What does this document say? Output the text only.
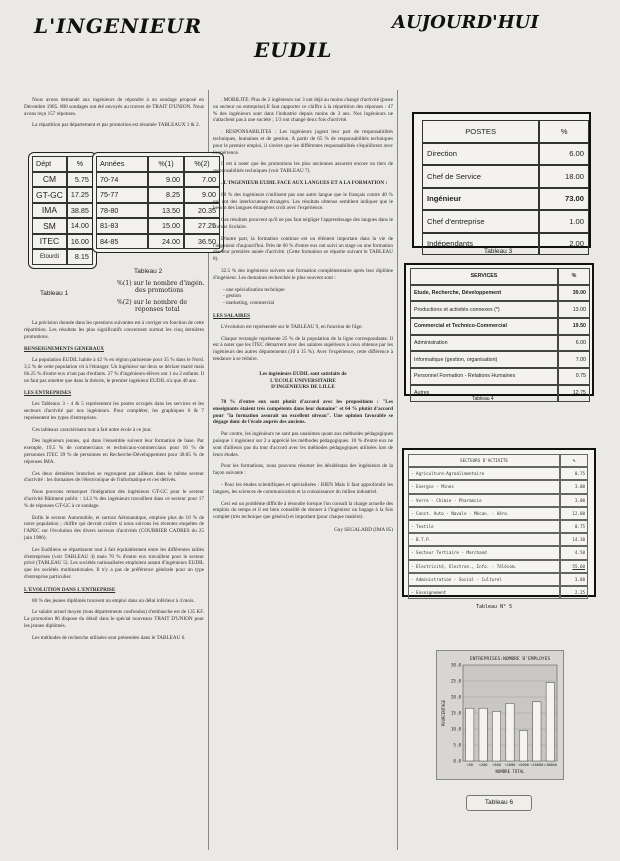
L'INGENIEUR
EUDIL
AUJOURD'HUI

Nous avons demandé aux ingénieurs de répondre à un sondage proposé en Décembre 1985. 800 sondages ont été envoyés au travers de TRAIT D'UNION. Nous avons reçu 157 réponses.

La répartition par département et par promotion est résumée TABLEAUX 1 & 2.

Dépt	%
CM	5.75
GT-GC	17.25
IMA	38.85
SM	14.00
ITEC	16.00
Etourdi	8.15
Tableau 1
Années	%(1)	%(2)
70-74	9.00	7.00
75-77	8.25	9.00
78-80	13.50	20.35
81-83	15.00	27.25
84-85	24.00	36.50
Tableau 2
%(1) sur le nombre d'ingén.
des promotions
%(2) sur le nombre de
réponses total

La précision donnée dans les questions suivantes est à corriger en fonction de cette répartition. Les résultats les plus significatifs concernent surtout les cinq dernières promotions.

RENSEIGNEMENTS GENERAUX

La population EUDIL habite à 42 % en région parisienne pour 35 % dans le Nord. 3,5 % de cette population vit à l'étranger. Un ingénieur sur deux se déclare marié mais 66.25 % d'entre eux n'ont pas d'enfants. 27 % d'ingénieurs-élèves ont 1 ou 2 enfants. Il ne faut pas omettre que dans la théorie, le premier ingénieur EUDIL n'a que 40 ans .

LES ENTREPRISES

Les Tableaux 3 - 4 & 5 représentent les postes occupés dans les services et les secteurs d'activité par nos ingénieurs. Pour compléter, les graphiques 6 & 7 représentent les types d'entreprises.

Ces tableaux caractérisent tout à fait notre école à ce jour.

Des ingénieurs jeunes, qui dans l'ensemble suivent leur formation de base. Par exemple, 19,5 % de commerciaux et technicaux-commerciaux pour 16 % de personnes ITEC 39 % de personnes en Recherche-Développement pour 38.85 % de réponses IMA.

Ces deux dernières branches se regroupent par ailleurs dans le même secteur d'activité : les domaines de l'électronique de l'informatique et ces dérivés.

Nous pouvons remarquer l'intégration des ingénieurs GT-GC pour le secteur d'activité Bâtiment public : 14.3 % des ingénieurs travaillent dans ce secteur pour 17 % de réponses GT-GC à ce sondage.

Enfin le secteur Automobile, et surtout Aéronautique, emploie plus de 10 % de notre population ; chiffre qui devrait croître si nous suivons les récentes enquêtes de l'APEC sur l'évolution des divers secteurs d'activités (COURRIER CADRES du 25 juin 1986).

Les Eudiliens se répartissent tout à fait équitablement entre les différentes tailles d'entreprises (voir TABLEAU 4) mais 70 % d'entre eux travaillent pour le secteur privé (TABLEAU 5). Les sociétés nationalisées emploient autant d'ingénieurs EUDIL que les sociétés multinationales. Il n'y a pas de préférence générale pour un type d'entreprise particulier.

L'EVOLUTION DANS L'ENTREPRISE

80 % des jeunes diplômés trouvent un emploi dans un délai inférieur à 4 mois.

Le salaire actuel moyen (tous départements confondus) d'embauche est de 135 KF. La promotion 86 dispose du détail dans le spécial nouveaux TRAIT D'UNION pour les jeunes diplômés.

Les méthodes de recherche utilisées sont présentées dans le TABLEAU 6.

. MOBILITE: Plus de 2 ingénieurs sur 3 ont déjà au moins changé d'activité (poste ou secteur ou entreprise).Il faut rapporter ce chiffre à la répartition des réponses : 47 % des ingénieurs sont dans l'industrie depuis moins de 3 ans. Nos ingénieurs ne s'attachent pas à une société ; 1/3 ont changé deux fois d'activité.

. RESPONSABILITES : Les ingénieurs jugent leur part de responsabilités techniques, humaines et de gestion. A partir de 65 % de responsabilités techniques pour le premier emploi, il s'avère que les différentes responsabilités s'équilibrent avec l'expérience.

Il est à noter que les promotions les plus anciennes assurent encore un tiers de responsabilités techniques (voir TABLEAU 7).

. L'INGENIEUR EUDIL FACE AUX LANGUES ET A LA FORMATION :

60 % des ingénieurs n'utilisent pas une autre langue que le français contre 40 % qui ont des interlocuteurs étrangers. Les résultats obtenus semblent indiquer que le besoin des langues étrangères croît avec l'expérience.

Ces résultats prouvent qu'il ne pas faut négliger l'apprentissage des langues dans le Cursus Scolaire.

D'autre part, la formation continue est un élément important dans la vie de l'ingénieur d'aujourd'hui. Près de 60 % d'entre eux ont suivi un stage ou une formation dès leur première année d'activité. (Cette formation se répartie suivant le TABLEAU 8).

32.5 % des ingénieurs suivent une formation complémentaire après leur diplôme d'ingénieur. Les domaines recherchés le plus souvent sont :

- une spécialisation technique
- gestion
- marketing, commercial

LES SALAIRES

L'évolution est représentée sur le TABLEAU 9, en fonction de l'âge.

Chaque rectangle représente 25 % de la population de la ligne correspondante. Il est à noter que les ITEC démarrent avec des salaires supérieurs à ceux obtenus par les ingénieurs des autres départements (10 à 15 %). Avec l'expérience, cette différence à tendance à se réduire.

Les ingénieurs EUDIL sont satisfaits de

L'ECOLE UNIVERSITAIRE

D'INGENIEURS DE LILLE

70 % d'entre eux sont plutôt d'accord avec les propositions : "Les enseignants étaient très compétents dans leur domaine" et 64 % plutôt d'accord pour "la formation assurait un excellent niveau". Une opinion favorable se dégage donc de l'école auprès des anciens.

Par contre, les ingénieurs ne sont pas unanimes quant aux méthodes pédagogiques puisque 1 ingénieur sur 2 a apprécié les méthodes pédagogiques. 10 % d'entre eux ne sont d'ailleurs pas du tout d'accord avec les méthodes pédagogiques utilisées lors de leurs études.

Pour les formations, nous pouvons résumer les désidératas des ingénieurs de la façon suivante :

- Pour les études scientifiques et spécialisées : BIEN Mais il faut approfondir les langues, les sciences de communication et la connaissance du milieu industriel.

Ceci est un problème difficile à résoudre lorsque l'on consult la charge actuelle des emplois du temps et il est bien conseillé de donner à l'ingénieur un bagage à la fois complet (très technique que général) et important (pour chaque matière).

Guy SEGALARD (IMA 85)

POSTES	%
Direction	6.00
Chef de Service	18.00
Ingénieur	73.00
Chef d'entreprise	1.00
Indépendants	2.00
Tableau 3
SERVICES	%
Etude, Recherche, Développement	39.00
Productions et activités connexes (*)	13.00
Commercial et Technico-Commercial	19.50
Administration	6.00
Informatique (gestion, organisation)	7.00
Personnel Formation - Relations Humaines	0.75
Autres	12.75
Tableau 4
SECTEURS D'ACTIVITE	%
- Agriculture-Agroalimentaire	0.75
- Energie - Mines	3.00
- Verre - Chimie - Pharmacie	3.00
- Const. Auto - Navale - Mécan. - Aéro.	12.00
- Textile	0.75
- B.T.P.	14.30
- Secteur Tertiaire - Marchand	4.50
- Electricité, Electron., Info. - Télécom.	55.60
- Administration - Social - Culturel	3.80
- Enseignement	2.25
Tableau N° 5
ENTREPRISES:NOMBRE D'EMPLOYES
0.0
5.0
10.0
15.0
20.0
25.0
30.0
<50 <200 <500 <1000 <5000 <10000 >10000
NOMBRE TOTAL
POURCENTAGE
Tableau 6
